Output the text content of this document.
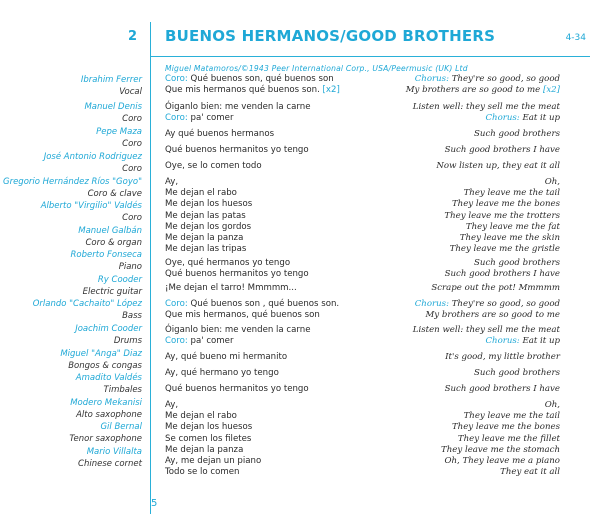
2 BUENOS HERMANOS/GOOD BROTHERS	4-34
Miguel Matamoros/©1943 Peer International Corp., USA/Peermusic (UK) Ltd
Ibrahim Ferrer
Vocal
Manuel Denis
Coro
Pepe Maza
Coro
José Antonio Rodriguez
Coro
Gregorio Hernández Ríos "Goyo"
Coro & clave
Alberto "Virgilio" Valdés
Coro
Manuel Galbán
Coro & organ
Roberto Fonseca
Piano
Ry Cooder
Electric guitar
Orlando "Cachaito" López
Bass
Joachim Cooder
Drums
Miguel "Anga" Diaz
Bongos & congas
Amadito Valdés
Timbales
Modero Mekanisi
Alto saxophone
Gil Bernal
Tenor saxophone
Mario Villalta
Chinese cornet
Coro: Qué buenos son, qué buenos son
Que mis hermanos qué buenos son. [x2]
Óiganlo bien: me venden la carne
Coro: pa' comer
Ay qué buenos hermanos
Qué buenos hermanitos yo tengo
Oye, se lo comen todo
Ay,
Me dejan el rabo
Me dejan los huesos
Me dejan las patas
Me dejan los gordos
Me dejan la panza
Me dejan las tripas
Oye, qué hermanos yo tengo
Qué buenos hermanitos yo tengo
¡Me dejan el tarro! Mmmmm...
Coro: Qué buenos son , qué buenos son.
Que mis hermanos, qué buenos son
Óiganlo bien: me venden la carne
Coro: pa' comer
Ay, qué bueno mi hermanito
Ay, qué hermano yo tengo
Qué buenos hermanitos yo tengo
Ay,
Me dejan el rabo
Me dejan los huesos
Se comen los filetes
Me dejan la panza
Ay, me dejan un piano
Todo se lo comen
Chorus: They're so good, so good
My brothers are so good to me [x2]
Listen well: they sell me the meat
Chorus: Eat it up
Such good brothers
Such good brothers I have
Now listen up, they eat it all
Oh,
They leave me the tail
They leave me the bones
They leave me the trotters
They leave me the fat
They leave me the skin
They leave me the gristle
Such good brothers
Such good brothers I have
Scrape out the pot! Mmmmm
Chorus: They're so good, so good
My brothers are so good to me
Listen well: they sell me the meat
Chorus: Eat it up
It's good, my little brother
Such good brothers
Such good brothers I have
Oh,
They leave me the tail
They leave me the bones
They leave me the fillet
They leave me the stomach
Oh, They leave me a piano
They eat it all
5
